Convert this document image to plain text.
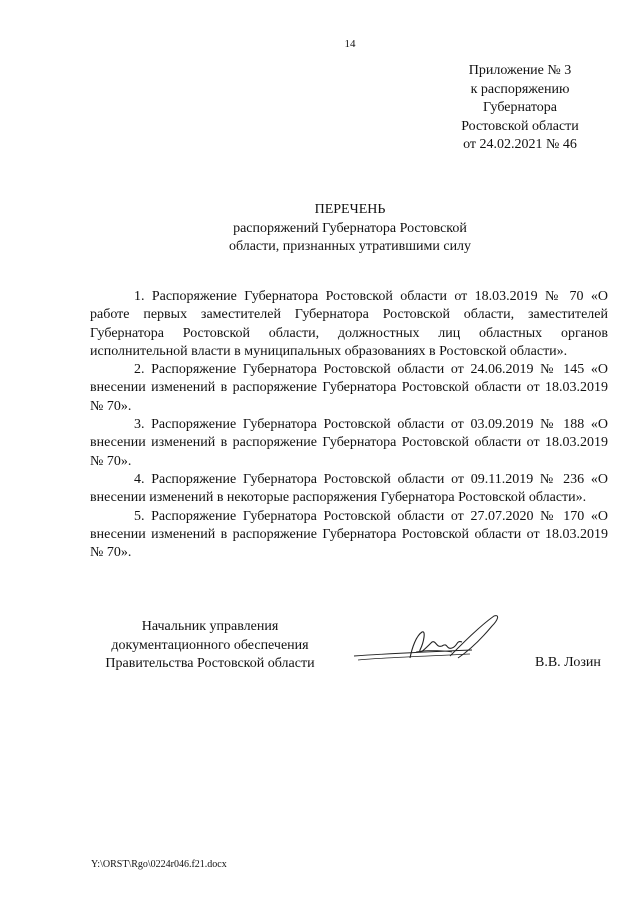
14
Приложение № 3
к распоряжению
Губернатора
Ростовской области
от 24.02.2021 № 46
ПЕРЕЧЕНЬ
распоряжений Губернатора Ростовской
области, признанных утратившими силу

1. Распоряжение Губернатора Ростовской области от 18.03.2019 № 70 «О работе первых заместителей Губернатора Ростовской области, заместителей Губернатора Ростовской области, должностных лиц областных органов исполнительной власти в муниципальных образованиях в Ростовской области».

2. Распоряжение Губернатора Ростовской области от 24.06.2019 № 145 «О внесении изменений в распоряжение Губернатора Ростовской области от 18.03.2019 № 70».

3. Распоряжение Губернатора Ростовской области от 03.09.2019 № 188 «О внесении изменений в распоряжение Губернатора Ростовской области от 18.03.2019 № 70».

4. Распоряжение Губернатора Ростовской области от 09.11.2019 № 236 «О внесении изменений в некоторые распоряжения Губернатора Ростовской области».

5. Распоряжение Губернатора Ростовской области от 27.07.2020 № 170 «О внесении изменений в распоряжение Губернатора Ростовской области от 18.03.2019 № 70».

Начальник управления
документационного обеспечения
Правительства Ростовской области	В.В. Лозин
Y:\ORST\Rgo\0224r046.f21.docx
